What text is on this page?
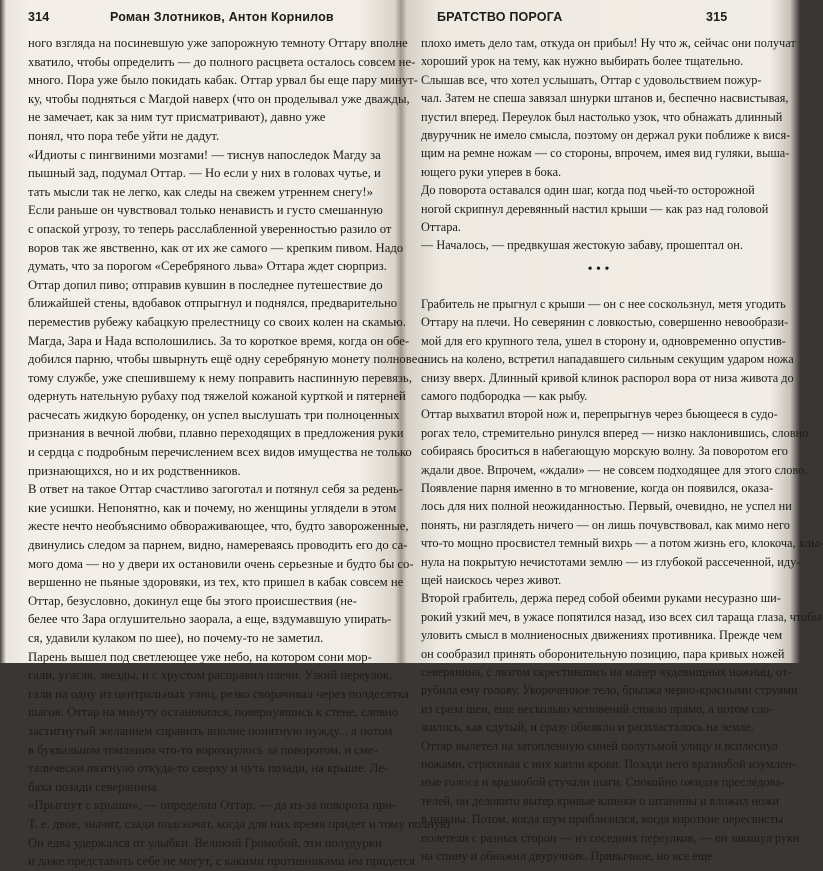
314	Роман Злотников, Антон Корнилов
ного взгляда на посиневшую уже запорожную темноту Оттару вполне
хватило, чтобы определить — до полного расцвета осталось совсем не-
много. Пора уже было покидать кабак. Оттар урвал бы еще пару минут-
ку, чтобы подняться с Магдой наверх (что он проделывал уже дважды,
не замечает, как за ним тут присматривают), давно уже
понял, что пора тебе уйти не дадут.
«Идиоты с пингвиними мозгами! — тиснув напоследок Магду за
пышный зад, подумал Оттар. — Но если у них в головах чутье, и
тать мысли так не легко, как следы на свежем утреннем снегу!»
Если раньше он чувствовал только ненависть и густо смешанную
с опаской угрозу, то теперь расслабленной уверенностью разило от
воров так же явственно, как от их же самого — крепким пивом. Надо
думать, что за порогом «Серебряного льва» Оттара ждет сюрприз.
Оттар допил пиво; отправив кувшин в последнее путешествие до
ближайшей стены, вдобавок отпрыгнул и поднялся, предварительно
переместив рубежу кабацкую прелестницу со своих колен на скамью.
Магда, Зара и Нада всполошились. За то короткое время, когда он обе-
добился парню, чтобы швырнуть ещё одну серебряную монету полновес-
тому службе, уже спешившему к нему поправить наспинную перевязь,
одернуть нательную рубаху под тяжелой кожаной курткой и пятерней
расчесать жидкую бороденку, он успел выслушать три полноценных
признания в вечной любви, плавно переходящих в предложения руки
и сердца с подробным перечислением всех видов имущества не только
признающихся, но и их родственников.
В ответ на такое Оттар счастливо загоготал и потянул себя за редень-
кие усишки. Непонятно, как и почему, но женщины углядели в этом
жесте нечто необъяснимо обвораживающее, что, будто завороженные,
двинулись следом за парнем, видно, намереваясь проводить его до са-
мого дома — но у двери их остановили очень серьезные и будто бы со-
вершенно не пьяные здоровяки, из тех, кто пришел в кабак совсем не
Оттар, безусловно, докинул еще бы этого происшествия (не-
белее что Зара оглушительно заорала, а еще, вздумавшую упирать-
ся, удавили кулаком по шее), но почему-то не заметил.
Парень вышел под светлеющее уже небо, на котором сони мор-
гали, угасая, звезды, и с хрустом расправил плечи. Узкий переулок,
гали на одну из центральных улиц, резко сворачивал через полдесятка
шагов. Оттар на минуту остановился, повернувшись к стене, словно
застигнутый желанием справить вполне понятную нужду... а потом
в буквальном томлении что-то ворохнулось за поворотом, и сме-
талически лязгнуло откуда-то сверху и чуть позади, на крыше. Ле-
баха позади северянина.
«Прыгнут с крыши», — определил Оттар, — да из-за поворота при-
Т. е. двое, значит, сзади подскочат, когда для них время придет и тому полную
Он едва удержался от улыбки. Великий Громобой, эти полудурки
и даже представить себе не могут, с какими противниками им придется
БРАТСТВО ПОРОГА	315
плохо иметь дело там, откуда он прибыл! Ну что ж, сейчас они получат
хороший урок на тему, как нужно выбирать более тщательно.
Слышав все, что хотел услышать, Оттар с удовольствием пожур-
чал. Затем не спеша завязал шнурки штанов и, беспечно насвистывая,
пустил вперед. Переулок был настолько узок, что обнажать длинный
двуручник не имело смысла, поэтому он держал руки поближе к вися-
щим на ремне ножам — со стороны, впрочем, имея вид гуляки, выша-
ющего руки уперев в бока.
До поворота оставался один шаг, когда под чьей-то осторожной
ногой скрипнул деревянный настил крыши — как раз над головой
Оттара.
— Началось, — предвкушая жестокую забаву, прошептал он.
• • •
Грабитель не прыгнул с крыши — он с нее соскользнул, метя угодить
Оттару на плечи. Но северянин с ловкостью, совершенно невообрази-
мой для его крупного тела, ушел в сторону и, одновременно опустив-
шись на колено, встретил нападавшего сильным секущим ударом ножа
снизу вверх. Длинный кривой клинок распорол вора от низа живота до
самого подбородка — как рыбу.
Оттар выхватил второй нож и, перепрыгнув через бьющееся в судо-
рогах тело, стремительно ринулся вперед — низко наклонившись, словно
собираясь броситься в набегающую морскую волну. За поворотом его
ждали двое. Впрочем, «ждали» — не совсем подходящее для этого слово.
Появление парня именно в то мгновение, когда он появился, оказа-
лось для них полной неожиданностью. Первый, очевидно, не успел ни
понять, ни разглядеть ничего — он лишь почувствовал, как мимо него
что-то мощно просвистел темный вихрь — а потом жизнь его, клокоча, хлы-
нула на покрытую нечистотами землю — из глубокой рассеченной, иду-
щей наискось через живот.
Второй грабитель, держа перед собой обеими руками несуразно ши-
рокий узкий меч, в ужасе попятился назад, изо всех сил тараща глаза, чтобы
уловить смысл в молниеносных движениях противника. Прежде чем
он сообразил принять оборонительную позицию, пара кривых ножей
северянина, с лязгом скрестившись на манер чудовищных ножниц, от-
рубила ему голову. Укороченное тело, брызжа черно-красными струями
из среза шеи, еще несколько мгновений стояло прямо, а потом сло-
жилось, как сдутый, и сразу обмякло и распласталось на земле.
Оттар вылетел на затопленную синей полутьмой улицу и всплеснул
ножами, стряхивая с них капли крови. Позади него вразнобой изумлен-
ные голоса и вразнобой стучали шаги. Спокойно ожидая преследова-
телей, он деловито вытер кривые клинки о штанины и вложил ножи
в ножны. Потом, когда шум приблизился, когда короткие пересвисты
полетели с разных сторон — из соседних переулков, — он закинул руки
на спину и обнажил двуручник. Привычное, но все еще
